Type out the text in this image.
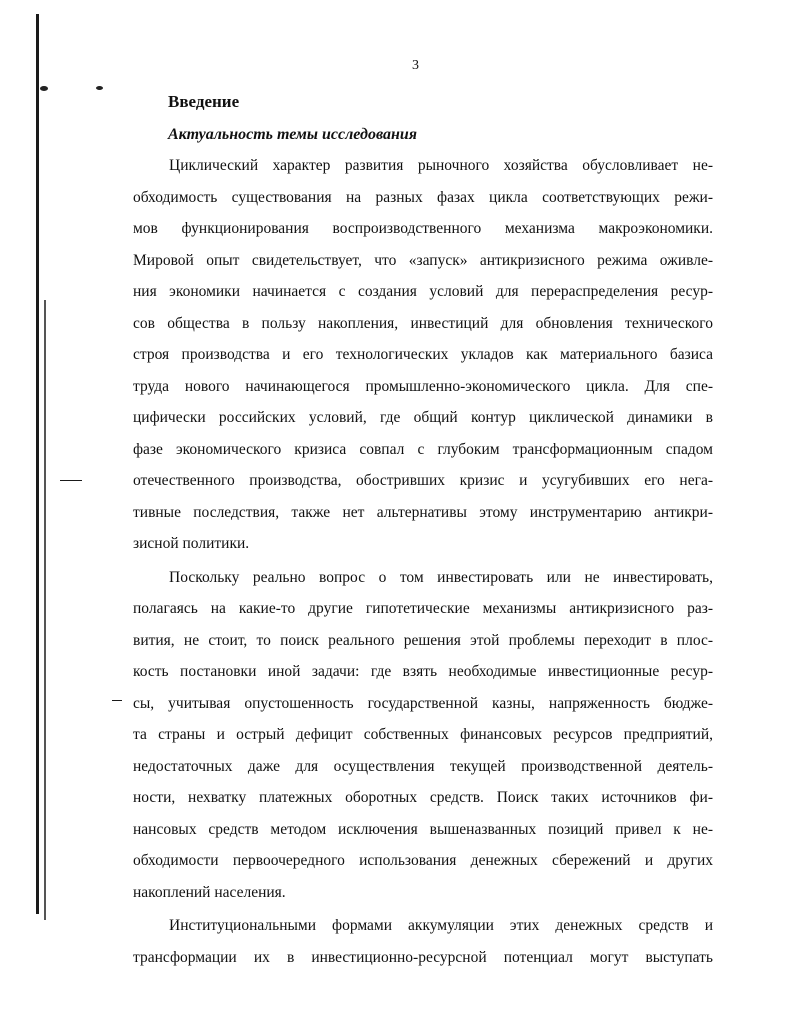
3
Введение
Актуальность темы исследования
Циклический характер развития рыночного хозяйства обусловливает не-
обходимость существования на разных фазах цикла соответствующих режи-
мов функционирования воспроизводственного механизма макроэкономики.
Мировой опыт свидетельствует, что «запуск» антикризисного режима оживле-
ния экономики начинается с создания условий для перераспределения ресур-
сов общества в пользу накопления, инвестиций для обновления технического
строя производства и его технологических укладов как материального базиса
труда нового начинающегося промышленно-экономического цикла. Для спе-
цифически российских условий, где общий контур циклической динамики в
фазе экономического кризиса совпал с глубоким трансформационным спадом
отечественного производства, обостривших кризис и усугубивших его нега-
тивные последствия, также нет альтернативы этому инструментарию антикри-
зисной политики.
Поскольку реально вопрос о том инвестировать или не инвестировать,
полагаясь на какие-то другие гипотетические механизмы антикризисного раз-
вития, не стоит, то поиск реального решения этой проблемы переходит в плос-
кость постановки иной задачи: где взять необходимые инвестиционные ресур-
сы, учитывая опустошенность государственной казны, напряженность бюдже-
та страны и острый дефицит собственных финансовых ресурсов предприятий,
недостаточных даже для осуществления текущей производственной деятель-
ности, нехватку платежных оборотных средств. Поиск таких источников фи-
нансовых средств методом исключения вышеназванных позиций привел к не-
обходимости первоочередного использования денежных сбережений и других
накоплений населения.
Институциональными формами аккумуляции этих денежных средств и
трансформации их в инвестиционно-ресурсной потенциал могут выступать
